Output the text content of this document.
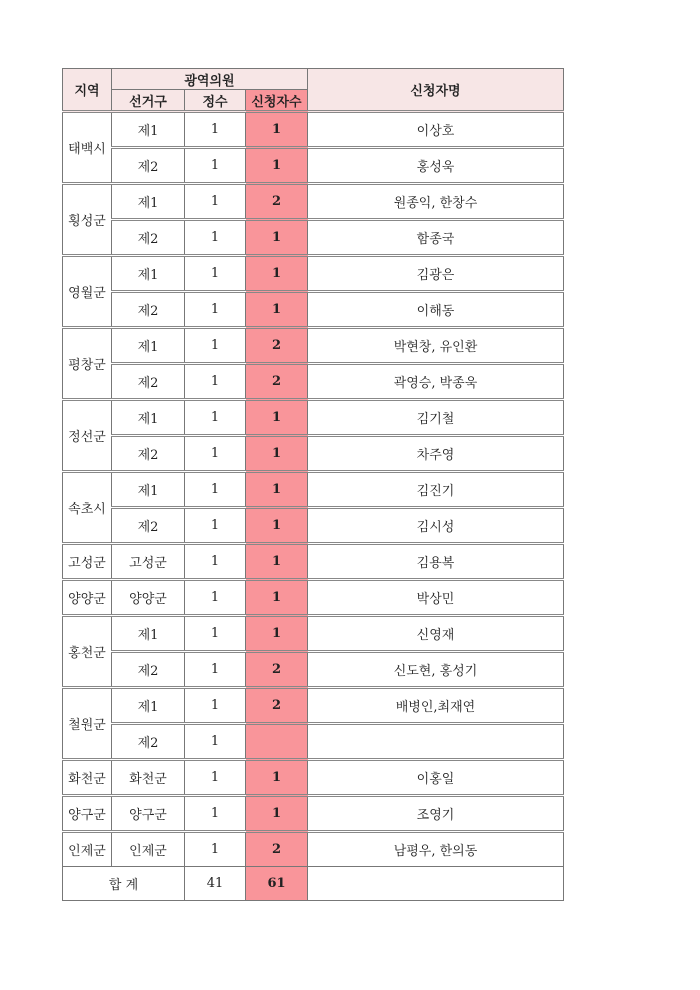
지역	광역의원			신청자명
	선거구	정수	신청자수	
태백시	제1	1	1	이상호
	제2	1	1	홍성욱
횡성군	제1	1	2	원종익, 한창수
	제2	1	1	함종국
영월군	제1	1	1	김광은
	제2	1	1	이해동
평창군	제1	1	2	박현창, 유인환
	제2	1	2	곽영승, 박종욱
정선군	제1	1	1	김기철
	제2	1	1	차주영
속초시	제1	1	1	김진기
	제2	1	1	김시성
고성군	고성군	1	1	김용복
양양군	양양군	1	1	박상민
홍천군	제1	1	1	신영재
	제2	1	2	신도현, 홍성기
철원군	제1	1	2	배병인,최재연
	제2	1		
화천군	화천군	1	1	이홍일
양구군	양구군	1	1	조영기
인제군	인제군	1	2	남평우, 한의동
합 계		41	61	
